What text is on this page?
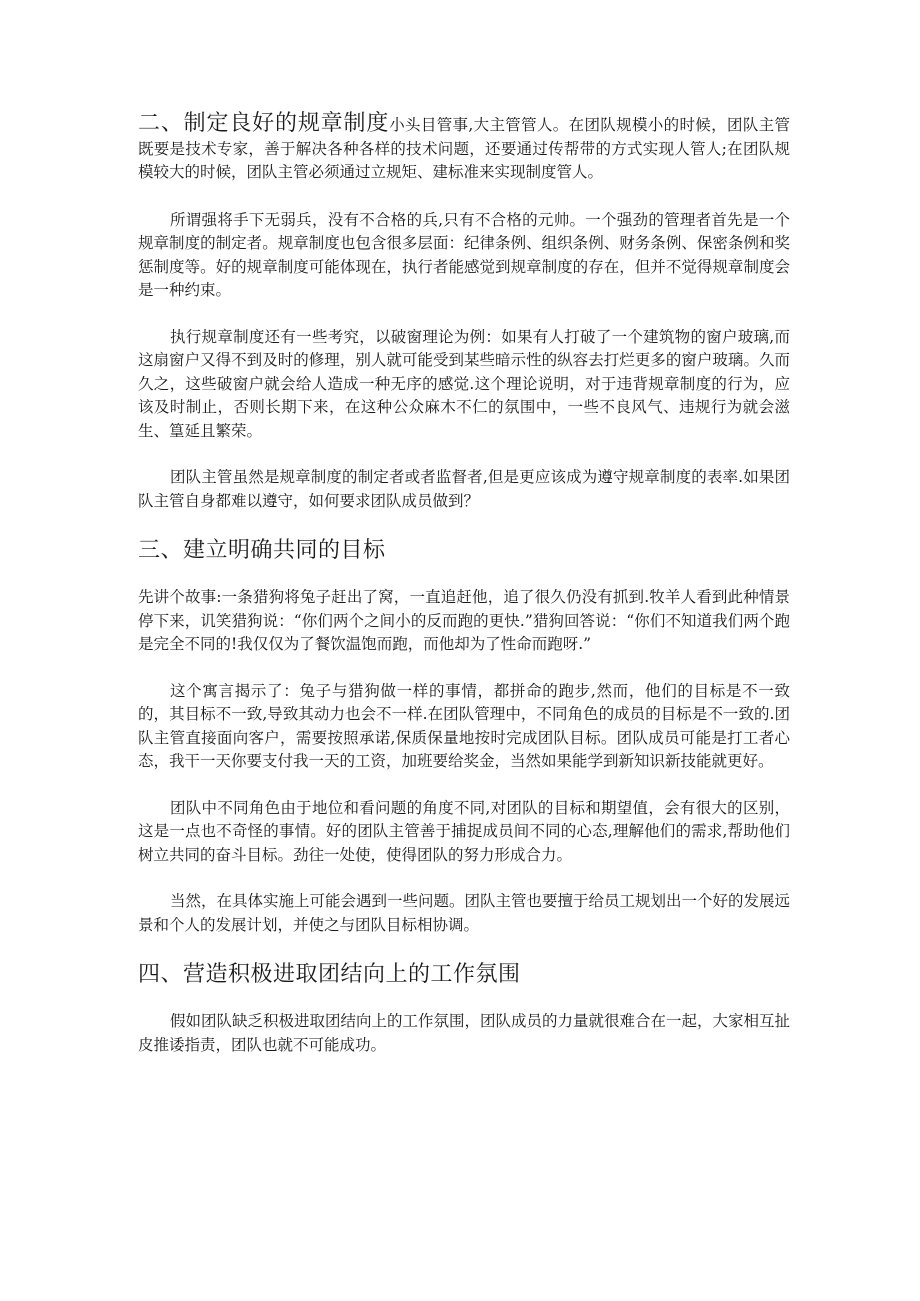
二、制定良好的规章制度小头目管事,大主管管人。在团队规模小的时候，团队主管既要是技术专家，善于解决各种各样的技术问题，还要通过传帮带的方式实现人管人;在团队规模较大的时候，团队主管必须通过立规矩、建标准来实现制度管人。

所谓强将手下无弱兵，没有不合格的兵,只有不合格的元帅。一个强劲的管理者首先是一个规章制度的制定者。规章制度也包含很多层面：纪律条例、组织条例、财务条例、保密条例和奖惩制度等。好的规章制度可能体现在，执行者能感觉到规章制度的存在，但并不觉得规章制度会是一种约束。

执行规章制度还有一些考究，以破窗理论为例：如果有人打破了一个建筑物的窗户玻璃,而这扇窗户又得不到及时的修理，别人就可能受到某些暗示性的纵容去打烂更多的窗户玻璃。久而久之，这些破窗户就会给人造成一种无序的感觉.这个理论说明，对于违背规章制度的行为，应该及时制止，否则长期下来，在这种公众麻木不仁的氛围中，一些不良风气、违规行为就会滋生、篁延且繁荣。

团队主管虽然是规章制度的制定者或者监督者,但是更应该成为遵守规章制度的表率.如果团队主管自身都难以遵守，如何要求团队成员做到？

三、建立明确共同的目标

先讲个故事:一条猎狗将兔子赶出了窝，一直追赶他，追了很久仍没有抓到.牧羊人看到此种情景停下来，讥笑猎狗说：“你们两个之间小的反而跑的更快.”猎狗回答说：“你们不知道我们两个跑是完全不同的!我仅仅为了餐饮温饱而跑，而他却为了性命而跑呀.”

这个寓言揭示了：兔子与猎狗做一样的事情，都拼命的跑步,然而，他们的目标是不一致的，其目标不一致,导致其动力也会不一样.在团队管理中，不同角色的成员的目标是不一致的.团队主管直接面向客户，需要按照承诺,保质保量地按时完成团队目标。团队成员可能是打工者心态，我干一天你要支付我一天的工资，加班要给奖金，当然如果能学到新知识新技能就更好。

团队中不同角色由于地位和看问题的角度不同,对团队的目标和期望值，会有很大的区别，这是一点也不奇怪的事情。好的团队主管善于捕捉成员间不同的心态,理解他们的需求,帮助他们树立共同的奋斗目标。劲往一处使，使得团队的努力形成合力。

当然，在具体实施上可能会遇到一些问题。团队主管也要擅于给员工规划出一个好的发展远景和个人的发展计划，并使之与团队目标相协调。

四、营造积极进取团结向上的工作氛围

假如团队缺乏积极进取团结向上的工作氛围，团队成员的力量就很难合在一起，大家相互扯皮推诿指责，团队也就不可能成功。
